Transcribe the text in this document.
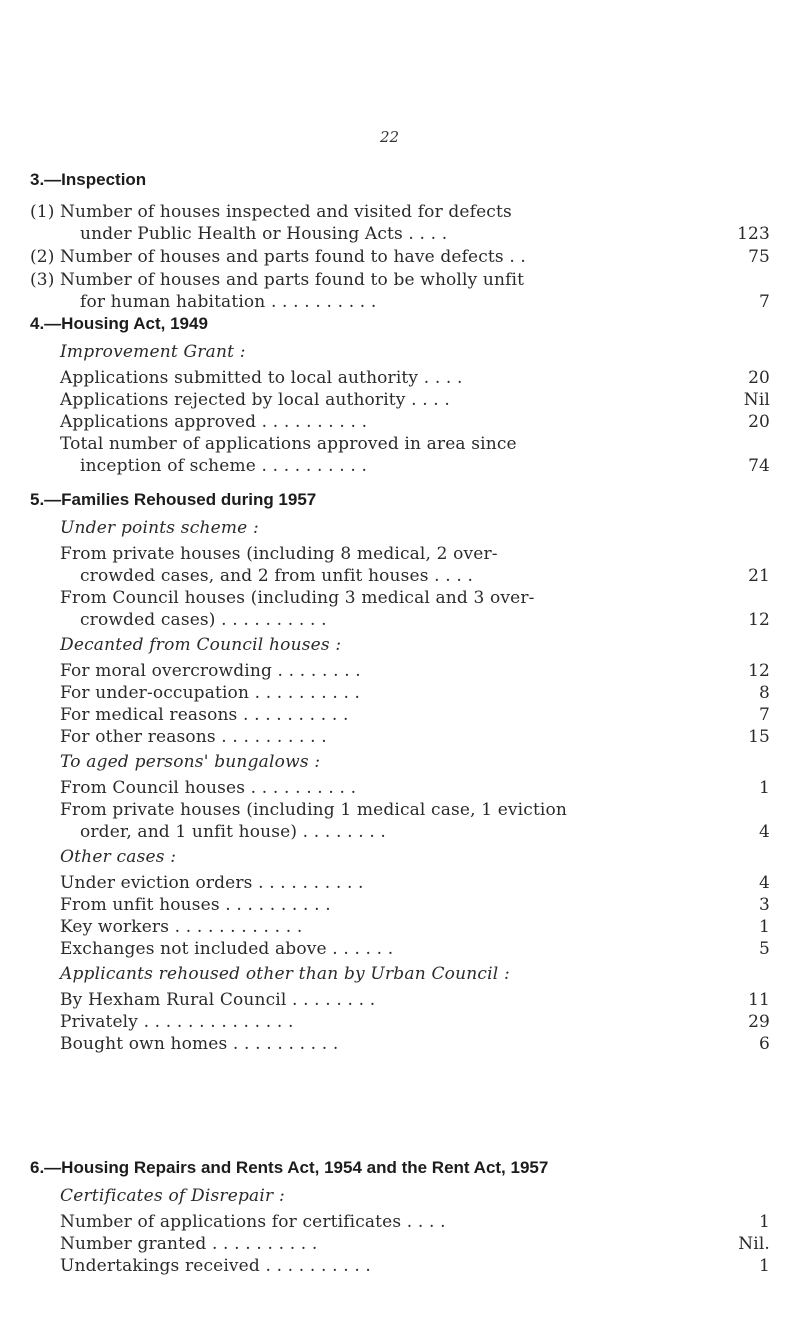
22
3.—Inspection
(1) Number of houses inspected and visited for defects
under Public Health or Housing Acts . . . .	123
(2) Number of houses and parts found to have defects . .	75
(3) Number of houses and parts found to be wholly unfit
for human habitation . . . . . . . . . .	7
4.—Housing Act, 1949
Improvement Grant :
Applications submitted to local authority . . . .	20
Applications rejected by local authority . . . .	Nil
Applications approved . . . . . . . . . .	20
Total number of applications approved in area since
inception of scheme . . . . . . . . . .	74
5.—Families Rehoused during 1957
Under points scheme :
From private houses (including 8 medical, 2 over-
crowded cases, and 2 from unfit houses . . . .	21
From Council houses (including 3 medical and 3 over-
crowded cases) . . . . . . . . . .	12
Decanted from Council houses :
For moral overcrowding . . . . . . . .	12
For under-occupation . . . . . . . . . .	8
For medical reasons . . . . . . . . . .	7
For other reasons . . . . . . . . . .	15
To aged persons' bungalows :
From Council houses . . . . . . . . . .	1
From private houses (including 1 medical case, 1 eviction
order, and 1 unfit house) . . . . . . . .	4
Other cases :
Under eviction orders . . . . . . . . . .	4
From unfit houses . . . . . . . . . .	3
Key workers . . . . . . . . . . . .	1
Exchanges not included above . . . . . .	5
Applicants rehoused other than by Urban Council :
By Hexham Rural Council . . . . . . . .	11
Privately . . . . . . . . . . . . . .	29
Bought own homes . . . . . . . . . .	6
6.—Housing Repairs and Rents Act, 1954 and the Rent Act, 1957
Certificates of Disrepair :
Number of applications for certificates . . . .	1
Number granted . . . . . . . . . .	Nil.
Undertakings received . . . . . . . . . .	1
